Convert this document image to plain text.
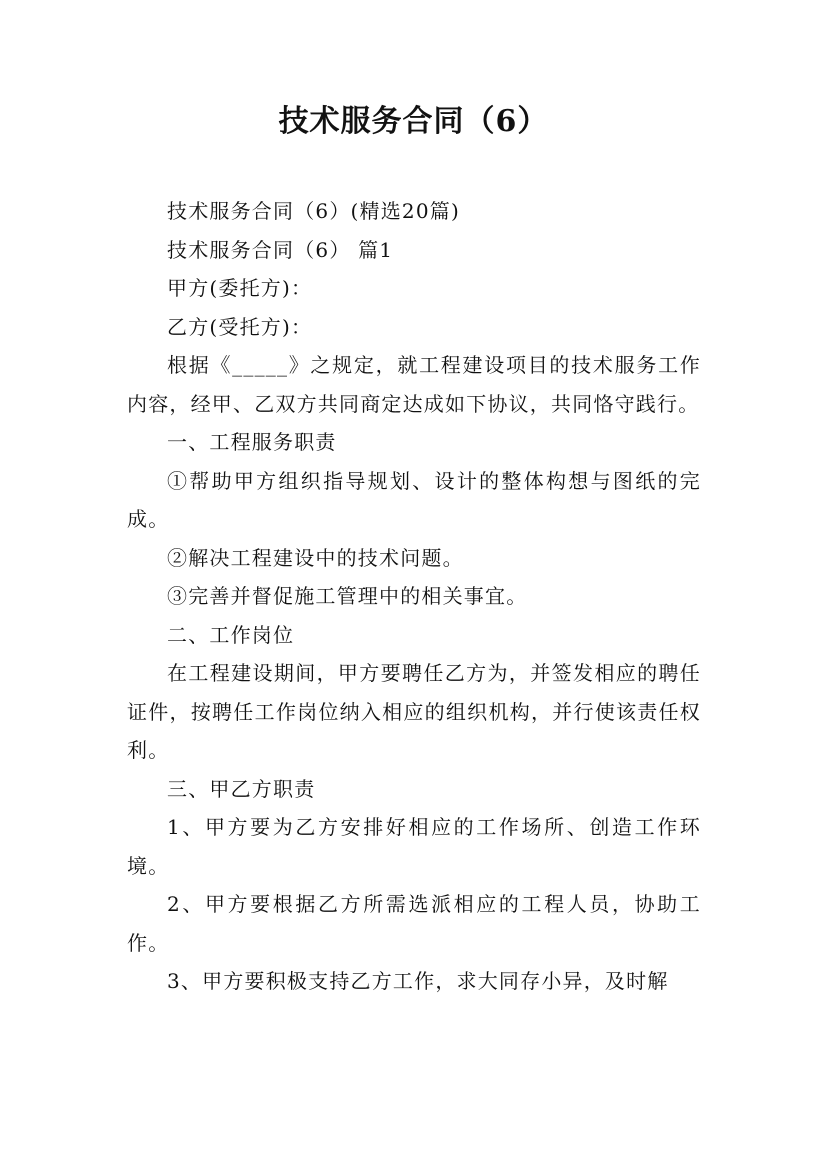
技术服务合同（6）

技术服务合同（6）(精选20篇)

技术服务合同（6） 篇1

甲方(委托方)：

乙方(受托方)：

根据《_____》之规定，就工程建设项目的技术服务工作内容，经甲、乙双方共同商定达成如下协议，共同恪守践行。

一、工程服务职责

①帮助甲方组织指导规划、设计的整体构想与图纸的完成。

②解决工程建设中的技术问题。

③完善并督促施工管理中的相关事宜。

二、工作岗位

在工程建设期间，甲方要聘任乙方为，并签发相应的聘任证件，按聘任工作岗位纳入相应的组织机构，并行使该责任权利。

三、甲乙方职责

1、甲方要为乙方安排好相应的工作场所、创造工作环境。

2、甲方要根据乙方所需选派相应的工程人员，协助工作。

3、甲方要积极支持乙方工作，求大同存小异，及时解
